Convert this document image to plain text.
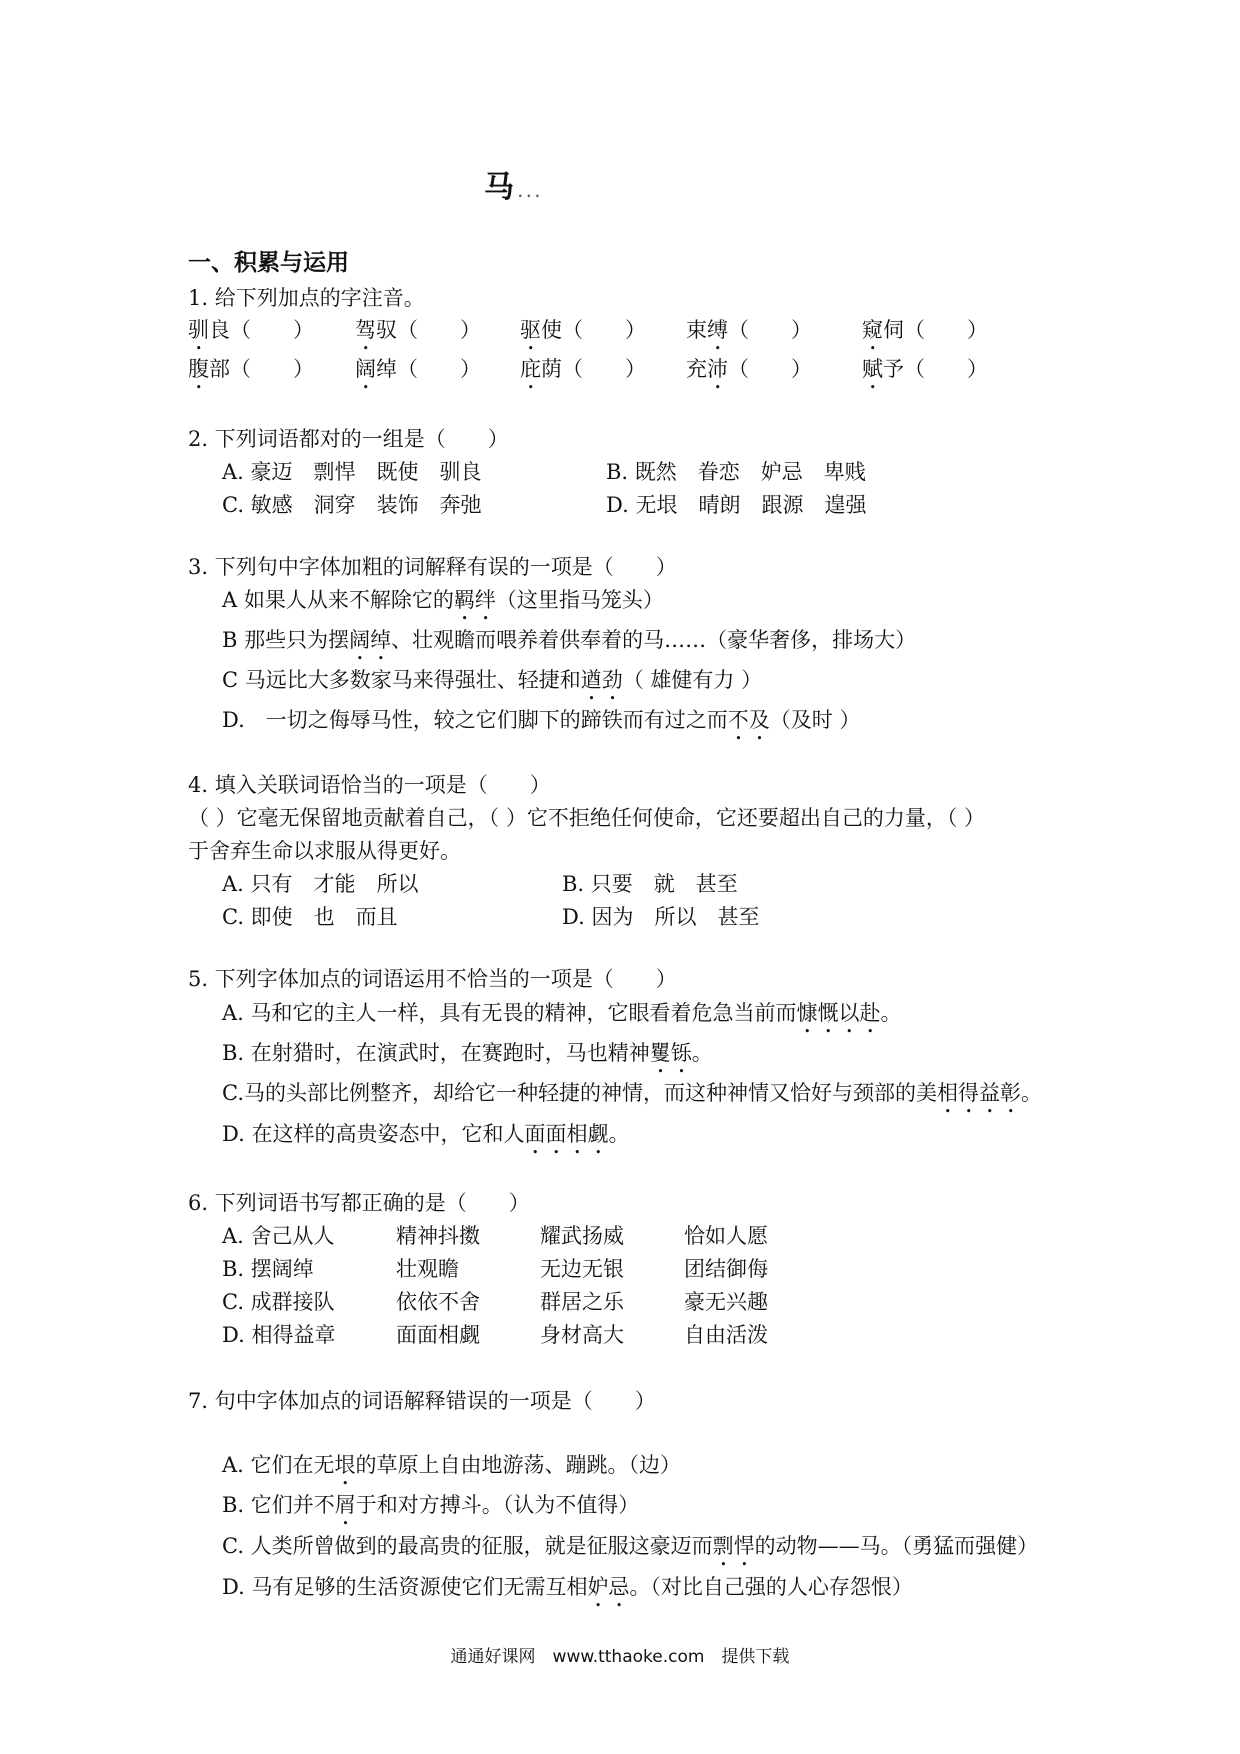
马 ...
一、积累与运用
1. 给下列加点的字注音。
驯良（　　） 驾驭（　　） 驱使（　　） 束缚（　　） 窥伺（　　）
腹部（　　） 阔绰（　　） 庇荫（　　） 充沛（　　） 赋予（　　）
2. 下列词语都对的一组是（　　）
A. 豪迈　剽悍　既使　驯良	B. 既然　眷恋　妒忌　卑贱
C. 敏感　洞穿　装饰　奔弛	D. 无垠　晴朗　跟源　遑强
3. 下列句中字体加粗的词解释有误的一项是（　　）
A 如果人从来不解除它的羁绊（这里指马笼头）
B 那些只为摆阔绰、壮观瞻而喂养着供奉着的马……（豪华奢侈，排场大）
C 马远比大多数家马来得强壮、轻捷和遒劲（ 雄健有力 ）
D.　一切之侮辱马性，较之它们脚下的蹄铁而有过之而不及（及时 ）
4. 填入关联词语恰当的一项是（　　）
（ ）它毫无保留地贡献着自己，（ ）它不拒绝任何使命，它还要超出自己的力量，（ ）
于舍弃生命以求服从得更好。
A. 只有　才能　所以	B. 只要　就　甚至
C. 即使　也　而且	D. 因为　所以　甚至
5. 下列字体加点的词语运用不恰当的一项是（　　）
A. 马和它的主人一样，具有无畏的精神，它眼看着危急当前而慷慨以赴。
B. 在射猎时，在演武时，在赛跑时，马也精神矍铄。
C.马的头部比例整齐，却给它一种轻捷的神情，而这种神情又恰好与颈部的美相得益彰。
D. 在这样的高贵姿态中，它和人面面相觑。
6. 下列词语书写都正确的是（　　）
A. 舍己从人	精神抖擞	耀武扬威	恰如人愿
B. 摆阔绰	壮观瞻	无边无银	团结御侮
C. 成群接队	依依不舍	群居之乐	豪无兴趣
D. 相得益章	面面相觑	身材高大	自由活泼
7. 句中字体加点的词语解释错误的一项是（　　）
A. 它们在无垠的草原上自由地游荡、蹦跳。（边）
B. 它们并不屑于和对方搏斗。（认为不值得）
C. 人类所曾做到的最高贵的征服，就是征服这豪迈而剽悍的动物——马。（勇猛而强健）
D. 马有足够的生活资源使它们无需互相妒忌。（对比自己强的人心存怨恨）
通通好课网　www.tthaoke.com　提供下载
